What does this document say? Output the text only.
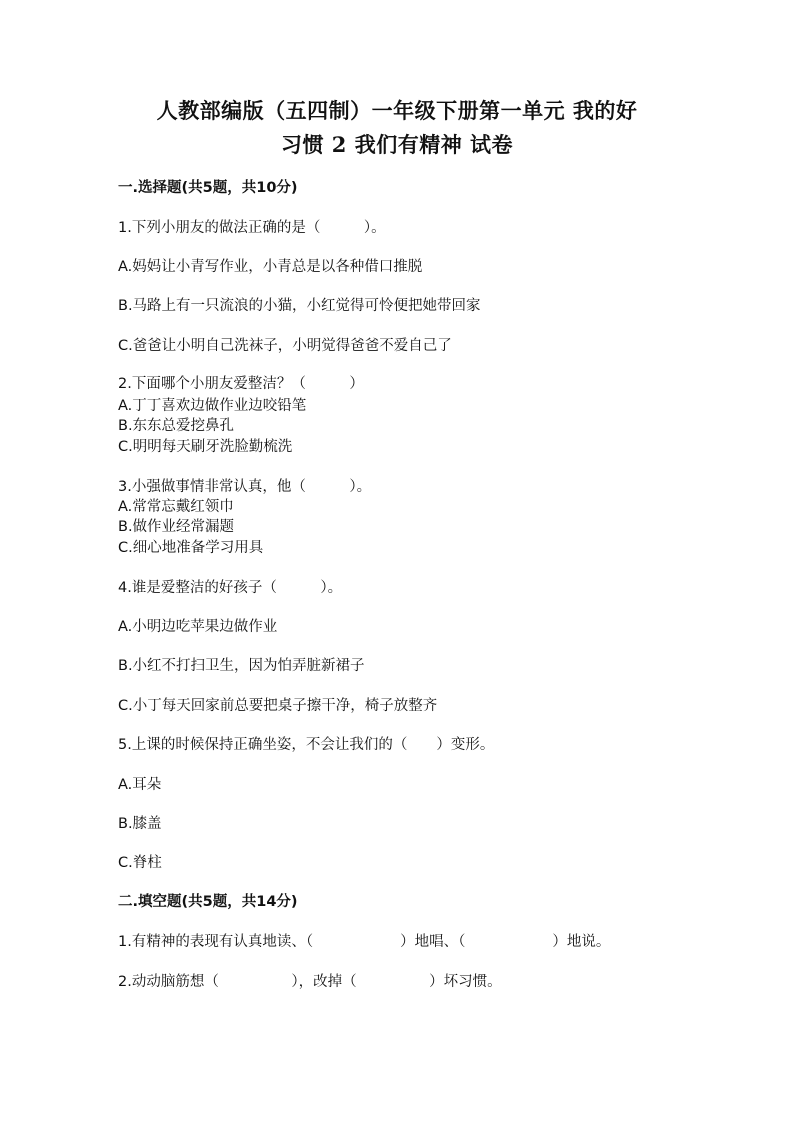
人教部编版（五四制）一年级下册第一单元 我的好
习惯 2 我们有精神 试卷
一.选择题(共5题，共10分)
1.下列小朋友的做法正确的是（　　　）。
A.妈妈让小青写作业，小青总是以各种借口推脱
B.马路上有一只流浪的小猫，小红觉得可怜便把她带回家
C.爸爸让小明自己洗袜子，小明觉得爸爸不爱自己了
2.下面哪个小朋友爱整洁？（　　　）
A.丁丁喜欢边做作业边咬铅笔
B.东东总爱挖鼻孔
C.明明每天刷牙洗脸勤梳洗
3.小强做事情非常认真，他（　　　）。
A.常常忘戴红领巾
B.做作业经常漏题
C.细心地准备学习用具
4.谁是爱整洁的好孩子（　　　）。
A.小明边吃苹果边做作业
B.小红不打扫卫生，因为怕弄脏新裙子
C.小丁每天回家前总要把桌子擦干净，椅子放整齐
5.上课的时候保持正确坐姿，不会让我们的（　　）变形。
A.耳朵
B.膝盖
C.脊柱
二.填空题(共5题，共14分)
1.有精神的表现有认真地读、（　　　　　　）地唱、（　　　　　　）地说。
2.动动脑筋想（　　　　　），改掉（　　　　　）坏习惯。
